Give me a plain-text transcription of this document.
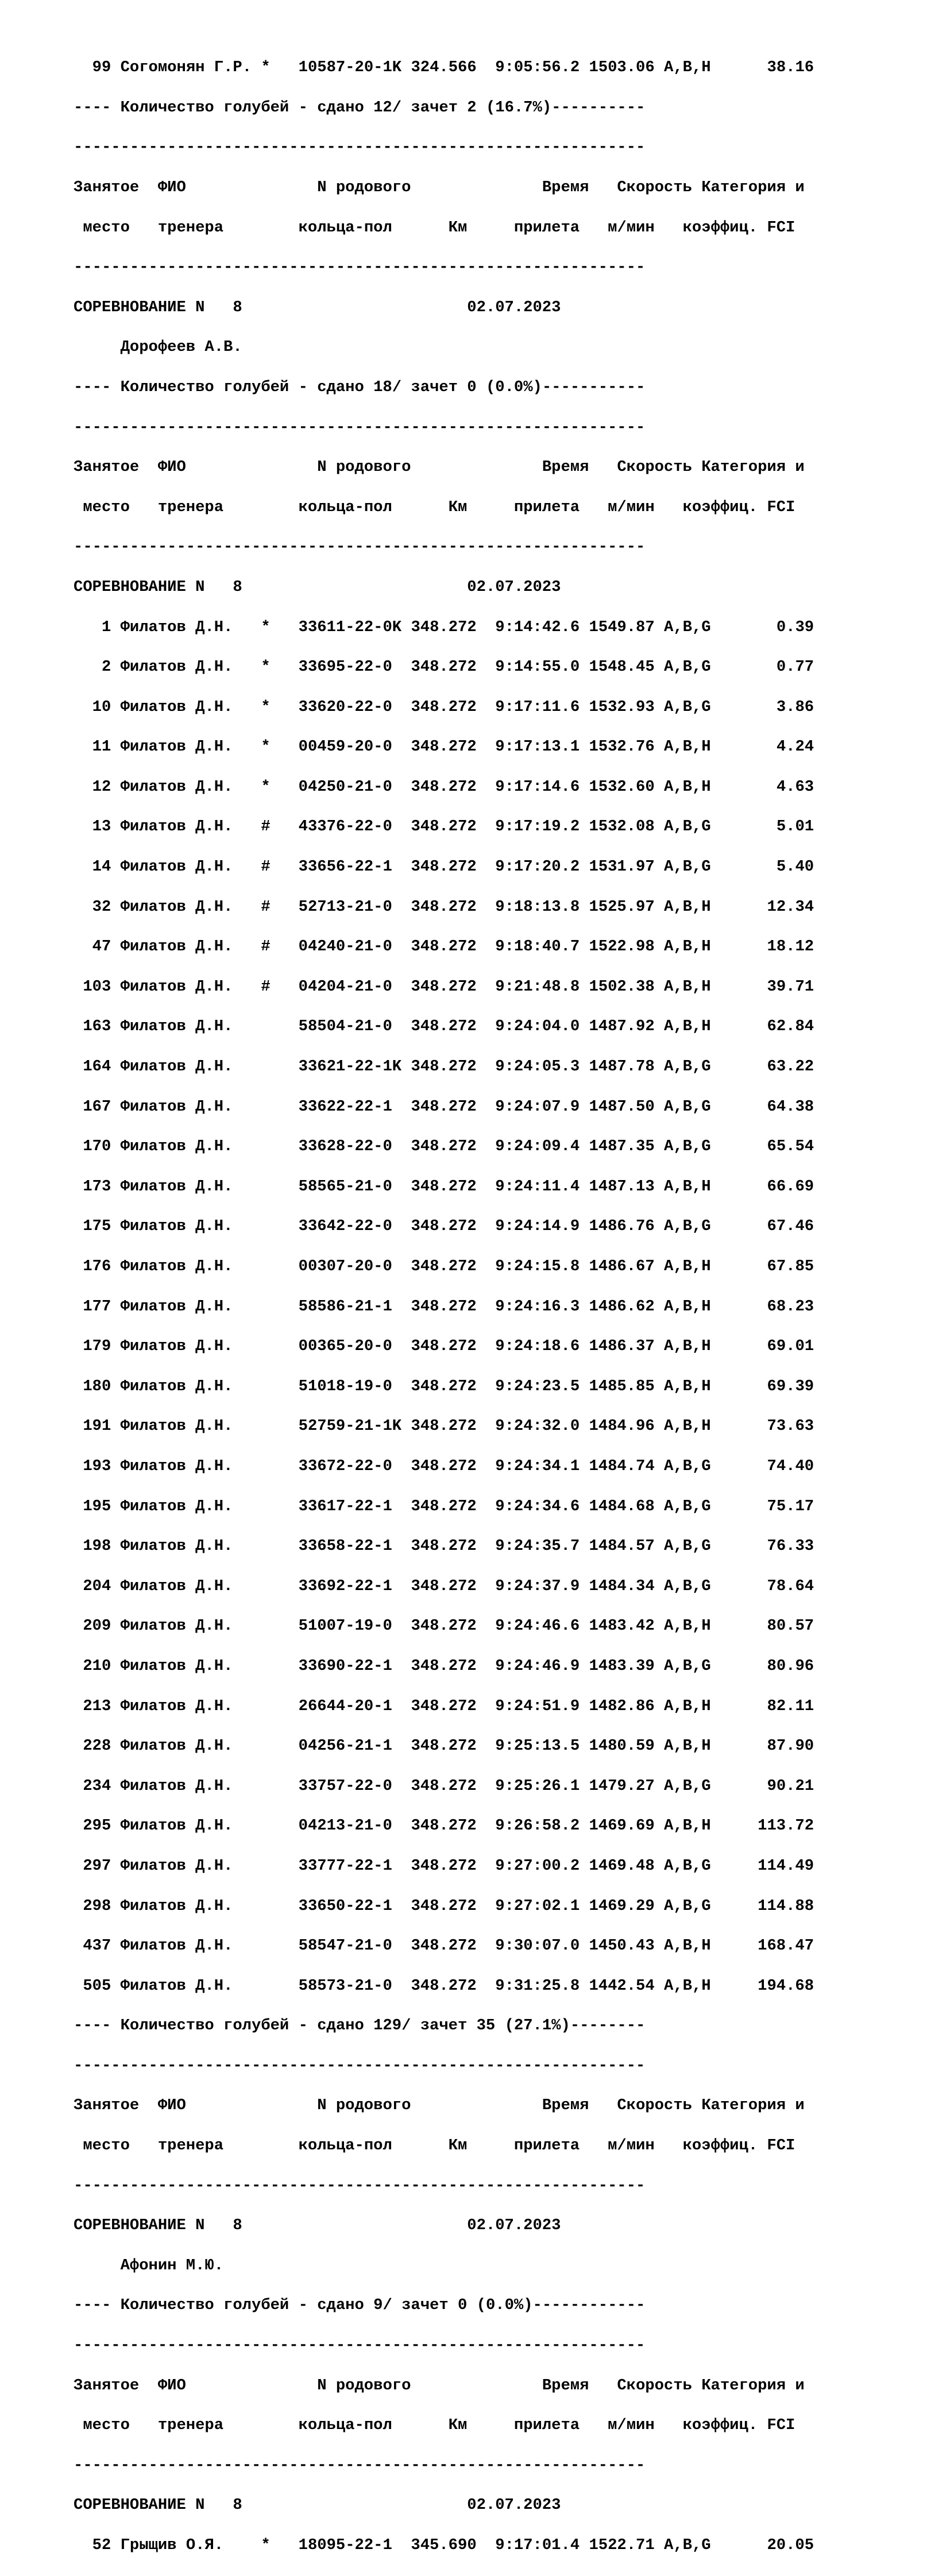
99 Согомонян Г.Р. * 10587-20-1K 324.566 9:05:56.2 1503.06 A,B,H	38.16

---- Количество голубей - сдано 12/ зачет 2 (16.7%)----------

-------------------------------------------------------------

Занятое ФИО	N родового	Время Скорость Категория и

место тренера	кольца-пол	Км	прилета м/мин коэффиц. FCI

-------------------------------------------------------------

СОРЕВНОВАНИЕ N 8	02.07.2023

Дорофеев А.В.

---- Количество голубей - сдано 18/ зачет 0 (0.0%)-----------

-------------------------------------------------------------

Занятое ФИО	N родового	Время Скорость Категория и

место тренера	кольца-пол	Км	прилета м/мин коэффиц. FCI

-------------------------------------------------------------

СОРЕВНОВАНИЕ N 8	02.07.2023

1 Филатов Д.Н. * 33611-22-0K 348.272 9:14:42.6 1549.87 A,B,G	0.39

2 Филатов Д.Н. * 33695-22-0  348.272 9:14:55.0 1548.45 A,B,G	0.77

10 Филатов Д.Н. * 33620-22-0  348.272 9:17:11.6 1532.93 A,B,G	3.86

11 Филатов Д.Н. * 00459-20-0  348.272 9:17:13.1 1532.76 A,B,H	4.24

12 Филатов Д.Н. * 04250-21-0  348.272 9:17:14.6 1532.60 A,B,H	4.63

13 Филатов Д.Н. # 43376-22-0  348.272 9:17:19.2 1532.08 A,B,G	5.01

14 Филатов Д.Н. # 33656-22-1  348.272 9:17:20.2 1531.97 A,B,G	5.40

32 Филатов Д.Н. # 52713-21-0  348.272 9:18:13.8 1525.97 A,B,H	12.34

47 Филатов Д.Н. # 04240-21-0  348.272 9:18:40.7 1522.98 A,B,H	18.12

103 Филатов Д.Н. # 04204-21-0  348.272 9:21:48.8 1502.38 A,B,H	39.71

163 Филатов Д.Н.	58504-21-0  348.272 9:24:04.0 1487.92 A,B,H	62.84

164 Филатов Д.Н.	33621-22-1K 348.272 9:24:05.3 1487.78 A,B,G	63.22

167 Филатов Д.Н.	33622-22-1  348.272 9:24:07.9 1487.50 A,B,G	64.38

170 Филатов Д.Н.	33628-22-0  348.272 9:24:09.4 1487.35 A,B,G	65.54

173 Филатов Д.Н.	58565-21-0  348.272 9:24:11.4 1487.13 A,B,H	66.69

175 Филатов Д.Н.	33642-22-0  348.272 9:24:14.9 1486.76 A,B,G	67.46

176 Филатов Д.Н.	00307-20-0  348.272 9:24:15.8 1486.67 A,B,H	67.85

177 Филатов Д.Н.	58586-21-1  348.272 9:24:16.3 1486.62 A,B,H	68.23

179 Филатов Д.Н.	00365-20-0  348.272 9:24:18.6 1486.37 A,B,H	69.01

180 Филатов Д.Н.	51018-19-0  348.272 9:24:23.5 1485.85 A,B,H	69.39

191 Филатов Д.Н.	52759-21-1K 348.272 9:24:32.0 1484.96 A,B,H	73.63

193 Филатов Д.Н.	33672-22-0  348.272 9:24:34.1 1484.74 A,B,G	74.40

195 Филатов Д.Н.	33617-22-1  348.272 9:24:34.6 1484.68 A,B,G	75.17

198 Филатов Д.Н.	33658-22-1  348.272 9:24:35.7 1484.57 A,B,G	76.33

204 Филатов Д.Н.	33692-22-1  348.272 9:24:37.9 1484.34 A,B,G	78.64

209 Филатов Д.Н.	51007-19-0  348.272 9:24:46.6 1483.42 A,B,H	80.57

210 Филатов Д.Н.	33690-22-1  348.272 9:24:46.9 1483.39 A,B,G	80.96

213 Филатов Д.Н.	26644-20-1  348.272 9:24:51.9 1482.86 A,B,H	82.11

228 Филатов Д.Н.	04256-21-1  348.272 9:25:13.5 1480.59 A,B,H	87.90

234 Филатов Д.Н.	33757-22-0  348.272 9:25:26.1 1479.27 A,B,G	90.21

295 Филатов Д.Н.	04213-21-0  348.272 9:26:58.2 1469.69 A,B,H	113.72

297 Филатов Д.Н.	33777-22-1  348.272 9:27:00.2 1469.48 A,B,G	114.49

298 Филатов Д.Н.	33650-22-1  348.272 9:27:02.1 1469.29 A,B,G	114.88

437 Филатов Д.Н.	58547-21-0  348.272 9:30:07.0 1450.43 A,B,H	168.47

505 Филатов Д.Н.	58573-21-0  348.272 9:31:25.8 1442.54 A,B,H	194.68

---- Количество голубей - сдано 129/ зачет 35 (27.1%)--------

-------------------------------------------------------------

Занятое ФИО	N родового	Время Скорость Категория и

место тренера	кольца-пол	Км	прилета м/мин коэффиц. FCI

-------------------------------------------------------------

СОРЕВНОВАНИЕ N 8	02.07.2023

Афонин М.Ю.

---- Количество голубей - сдано 9/ зачет 0 (0.0%)------------

-------------------------------------------------------------

Занятое ФИО	N родового	Время Скорость Категория и

место тренера	кольца-пол	Км	прилета м/мин коэффиц. FCI

-------------------------------------------------------------

СОРЕВНОВАНИЕ N 8	02.07.2023

52 Грыщив О.Я. * 18095-22-1  345.690 9:17:01.4 1522.71 A,B,G	20.05
